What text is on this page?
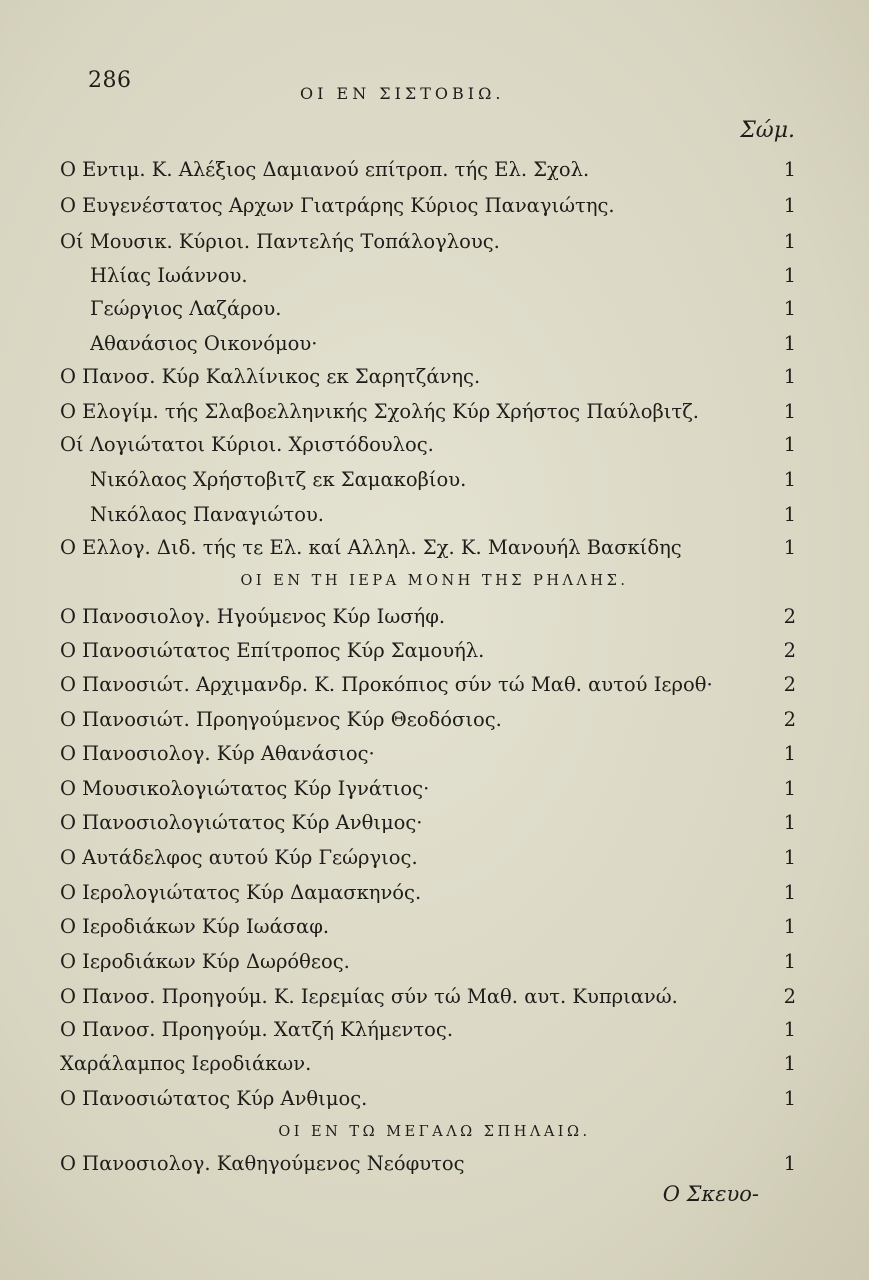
286
ΟΙ ΕΝ ΣΙΣΤΟΒΙΩ.
Σώμ.
Ο Εντιμ. Κ. Αλέξιος Δαμιανού επίτροπ. τής Ελ. Σχολ.	1
Ο Ευγενέστατος Αρχων Γιατράρης Κύριος Παναγιώτης.	1
Οί Μουσικ. Κύριοι. Παντελής Τοπάλογλους.	1
Ηλίας Ιωάννου.	1
Γεώργιος Λαζάρου.	1
Αθανάσιος Οικονόμου·	1
Ο Πανοσ. Κύρ Καλλίνικος εκ Σαρητζάνης.	1
Ο Ελογίμ. τής Σλαβοελληνικής Σχολής Κύρ Χρήστος Παύλοβιτζ.	1
Οί Λογιώτατοι Κύριοι. Χριστόδουλος.	1
Νικόλαος Χρήστοβιτζ εκ Σαμακοβίου.	1
Νικόλαος Παναγιώτου.	1
Ο Ελλογ. Διδ. τής τε Ελ. καί Αλληλ. Σχ. Κ. Μανουήλ Βασκίδης	1
ΟΙ ΕΝ ΤΗ ΙΕΡΑ ΜΟΝΗ ΤΗΣ ΡΗΛΛΗΣ.
Ο Πανοσιολογ. Ηγούμενος Κύρ Ιωσήφ.	2
Ο Πανοσιώτατος Επίτροπος Κύρ Σαμουήλ.	2
Ο Πανοσιώτ. Αρχιμανδρ. Κ. Προκόπιος σύν τώ Μαθ. αυτού Ιεροθ·	2
Ο Πανοσιώτ. Προηγούμενος Κύρ Θεοδόσιος.	2
Ο Πανοσιολογ. Κύρ Αθανάσιος·	1
Ο Μουσικολογιώτατος Κύρ Ιγνάτιος·	1
Ο Πανοσιολογιώτατος Κύρ Ανθιμος·	1
Ο Αυτάδελφος αυτού Κύρ Γεώργιος.	1
Ο Ιερολογιώτατος Κύρ Δαμασκηνός.	1
Ο Ιεροδιάκων Κύρ Ιωάσαφ.	1
Ο Ιεροδιάκων Κύρ Δωρόθεος.	1
Ο Πανοσ. Προηγούμ. Κ. Ιερεμίας σύν τώ Μαθ. αυτ. Κυπριανώ.	2
Ο Πανοσ. Προηγούμ. Χατζή Κλήμεντος.	1
Χαράλαμπος Ιεροδιάκων.	1
Ο Πανοσιώτατος Κύρ Ανθιμος.	1
ΟΙ ΕΝ ΤΩ ΜΕΓΑΛΩ ΣΠΗΛΑΙΩ.
Ο Πανοσιολογ. Καθηγούμενος Νεόφυτος	1
Ο Σκευο-
